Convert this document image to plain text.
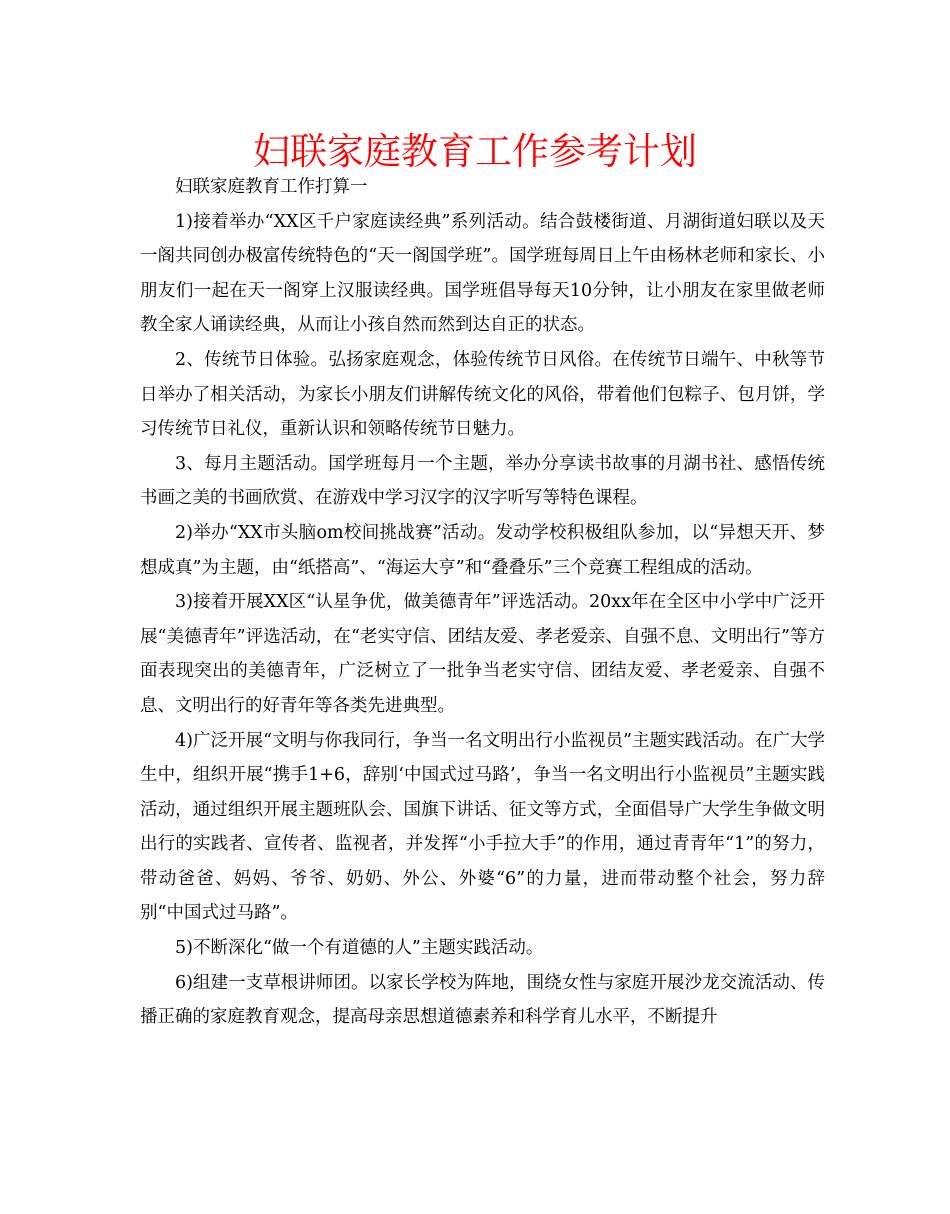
妇联家庭教育工作参考计划

妇联家庭教育工作打算一

1)接着举办“XX区千户家庭读经典”系列活动。结合鼓楼街道、月湖街道妇联以及天一阁共同创办极富传统特色的“天一阁国学班”。国学班每周日上午由杨林老师和家长、小朋友们一起在天一阁穿上汉服读经典。国学班倡导每天10分钟，让小朋友在家里做老师教全家人诵读经典，从而让小孩自然而然到达自正的状态。

2、传统节日体验。弘扬家庭观念，体验传统节日风俗。在传统节日端午、中秋等节日举办了相关活动，为家长小朋友们讲解传统文化的风俗，带着他们包粽子、包月饼，学习传统节日礼仪，重新认识和领略传统节日魅力。

3、每月主题活动。国学班每月一个主题，举办分享读书故事的月湖书社、感悟传统书画之美的书画欣赏、在游戏中学习汉字的汉字听写等特色课程。

2)举办“XX市头脑om校间挑战赛”活动。发动学校积极组队参加，以“异想天开、梦想成真”为主题，由“纸搭高”、“海运大亨”和“叠叠乐”三个竞赛工程组成的活动。

3)接着开展XX区“认星争优，做美德青年”评选活动。20xx年在全区中小学中广泛开展“美德青年”评选活动，在“老实守信、团结友爱、孝老爱亲、自强不息、文明出行”等方面表现突出的美德青年，广泛树立了一批争当老实守信、团结友爱、孝老爱亲、自强不息、文明出行的好青年等各类先进典型。

4)广泛开展“文明与你我同行，争当一名文明出行小监视员”主题实践活动。在广大学生中，组织开展“携手1+6，辞别‘中国式过马路’，争当一名文明出行小监视员”主题实践活动，通过组织开展主题班队会、国旗下讲话、征文等方式，全面倡导广大学生争做文明出行的实践者、宣传者、监视者，并发挥“小手拉大手”的作用，通过青青年“1”的努力，带动爸爸、妈妈、爷爷、奶奶、外公、外婆“6”的力量，进而带动整个社会，努力辞别“中国式过马路”。

5)不断深化“做一个有道德的人”主题实践活动。

6)组建一支草根讲师团。以家长学校为阵地，围绕女性与家庭开展沙龙交流活动、传播正确的家庭教育观念，提高母亲思想道德素养和科学育儿水平，不断提升
